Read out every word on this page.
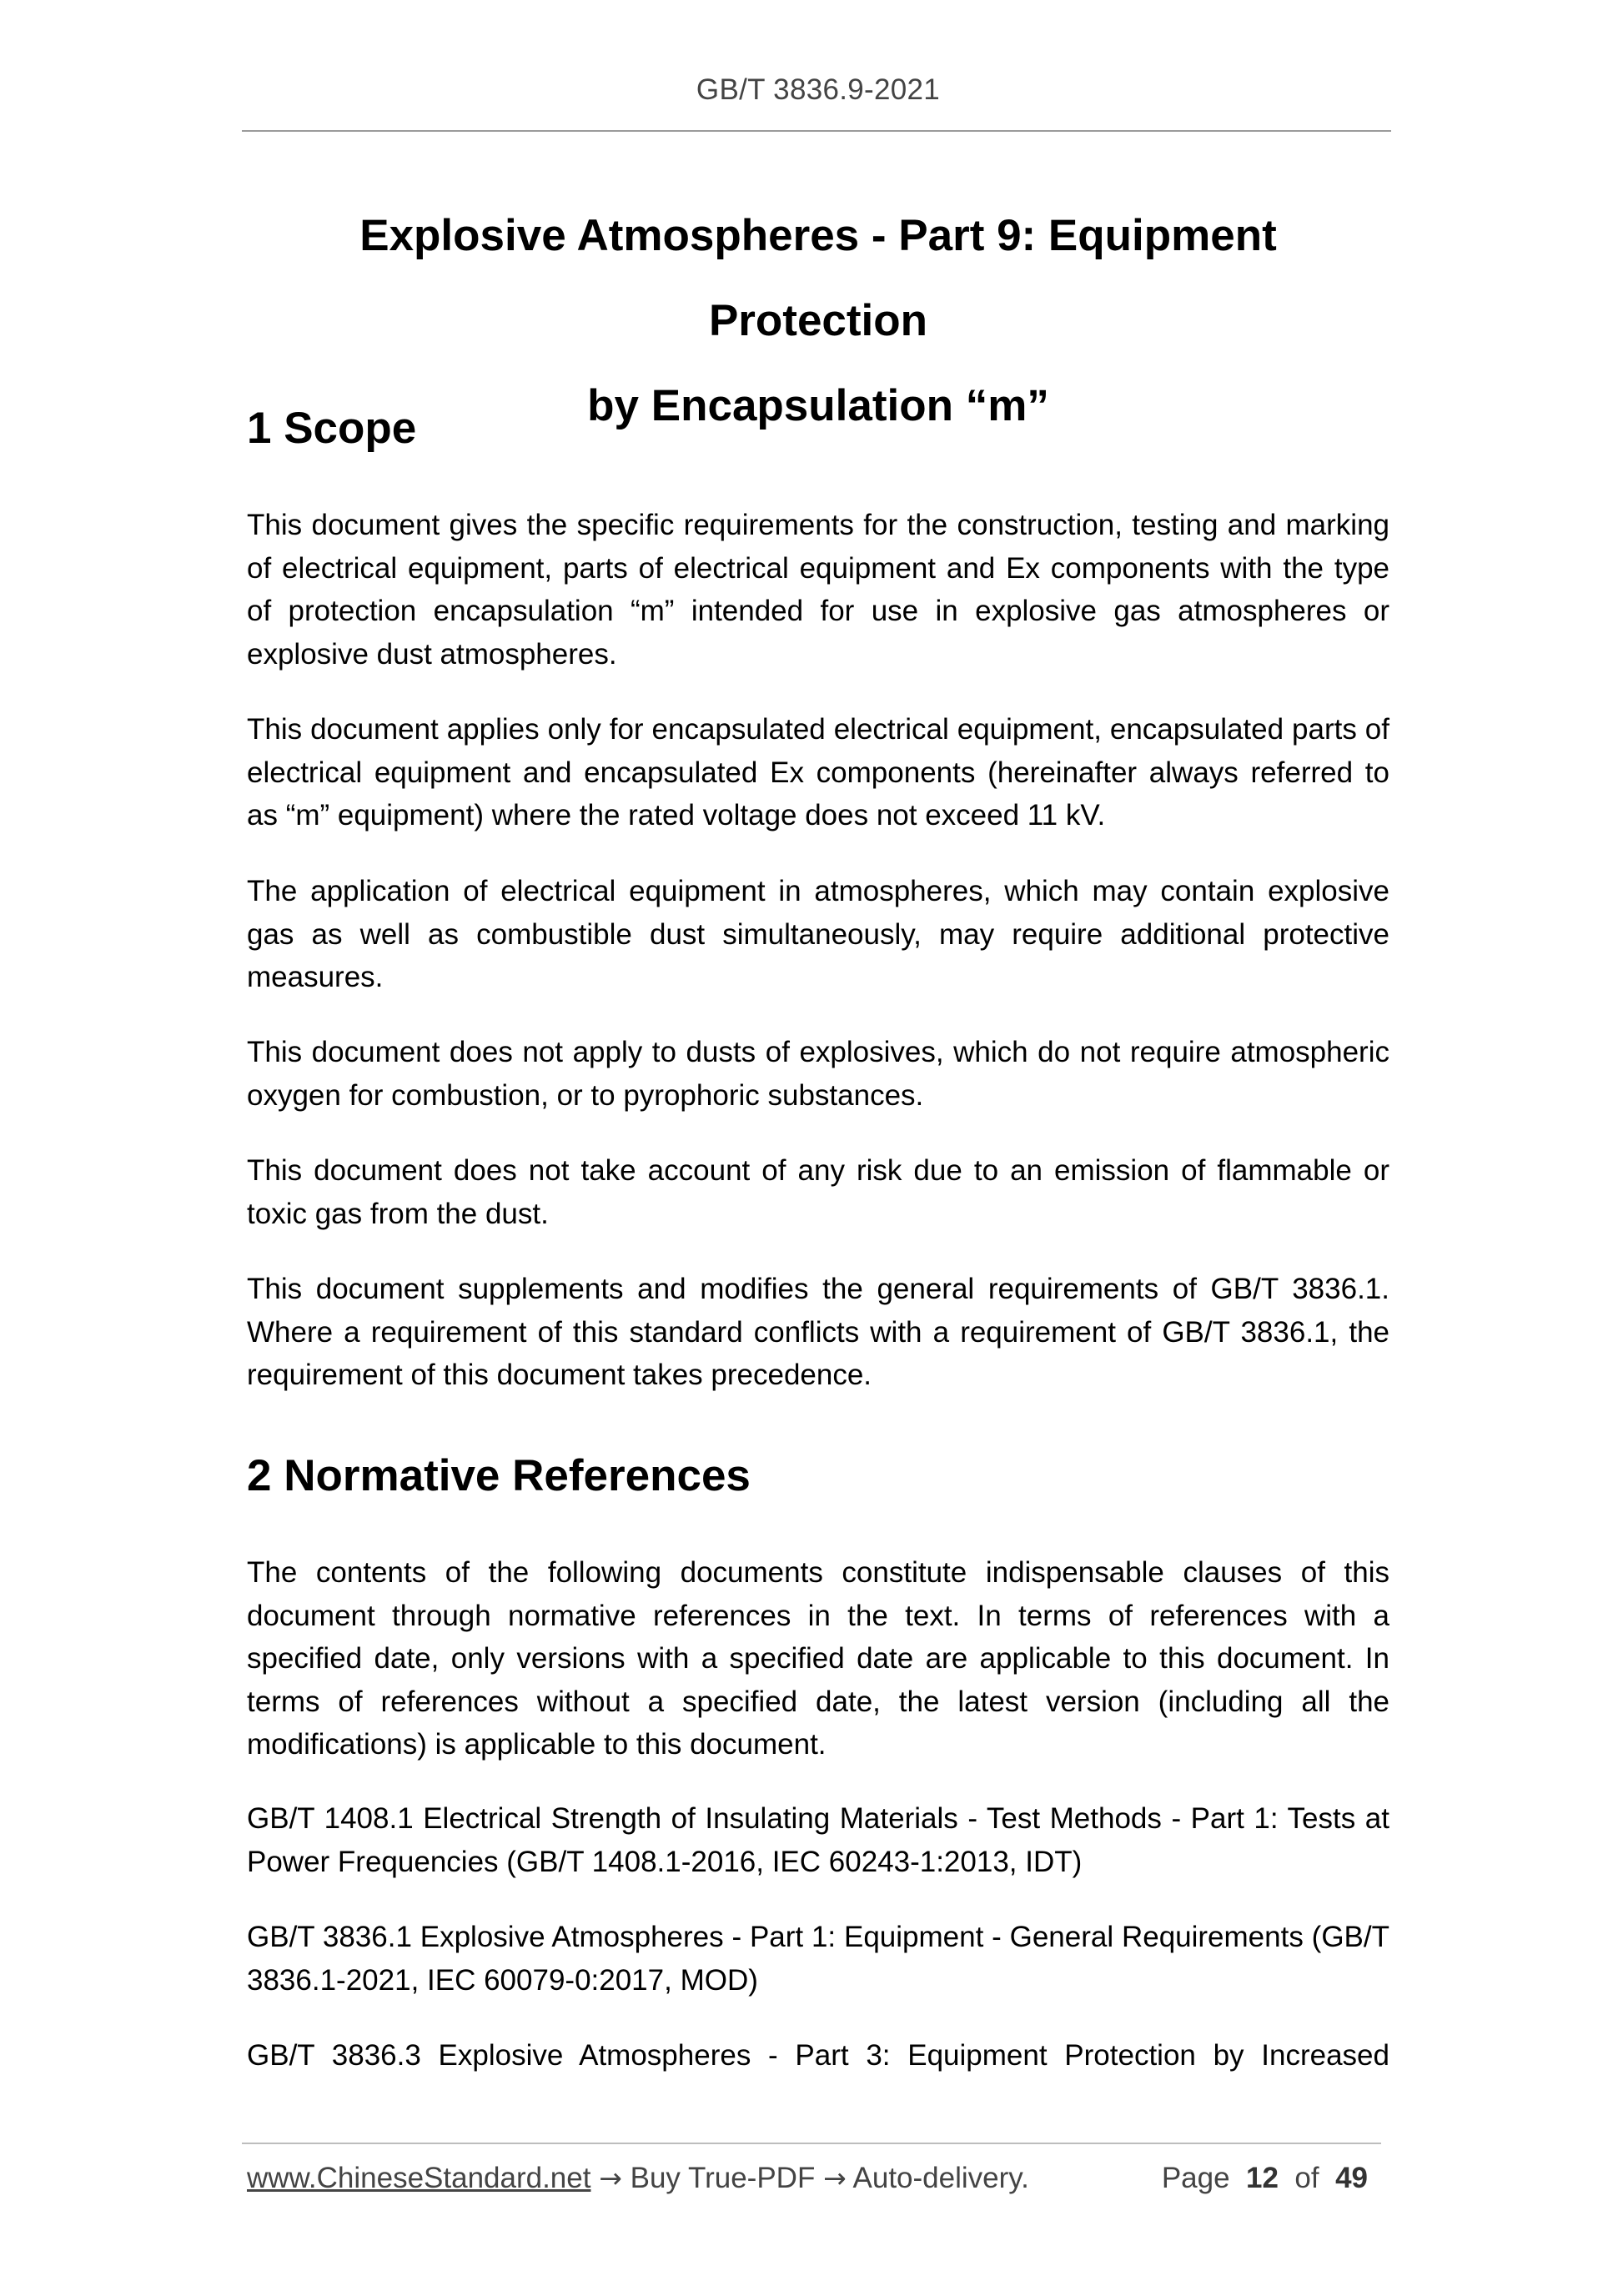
GB/T 3836.9-2021
Explosive Atmospheres - Part 9: Equipment Protection
by Encapsulation “m”
1 Scope

This document gives the specific requirements for the construction, testing and marking of electrical equipment, parts of electrical equipment and Ex components with the type of protection encapsulation “m” intended for use in explosive gas atmospheres or explosive dust atmospheres.

This document applies only for encapsulated electrical equipment, encapsulated parts of electrical equipment and encapsulated Ex components (hereinafter always referred to as “m” equipment) where the rated voltage does not exceed 11 kV.

The application of electrical equipment in atmospheres, which may contain explosive gas as well as combustible dust simultaneously, may require additional protective measures.

This document does not apply to dusts of explosives, which do not require atmospheric oxygen for combustion, or to pyrophoric substances.

This document does not take account of any risk due to an emission of flammable or toxic gas from the dust.

This document supplements and modifies the general requirements of GB/T 3836.1. Where a requirement of this standard conflicts with a requirement of GB/T 3836.1, the requirement of this document takes precedence.

2 Normative References

The contents of the following documents constitute indispensable clauses of this document through normative references in the text. In terms of references with a specified date, only versions with a specified date are applicable to this document. In terms of references without a specified date, the latest version (including all the modifications) is applicable to this document.

GB/T 1408.1 Electrical Strength of Insulating Materials - Test Methods - Part 1: Tests at Power Frequencies (GB/T 1408.1-2016, IEC 60243-1:2013, IDT)

GB/T 3836.1 Explosive Atmospheres - Part 1: Equipment - General Requirements (GB/T 3836.1-2021, IEC 60079-0:2017, MOD)

GB/T 3836.3 Explosive Atmospheres - Part 3: Equipment Protection by Increased

www.ChineseStandard.net → Buy True-PDF → Auto-delivery.	Page 12 of 49
